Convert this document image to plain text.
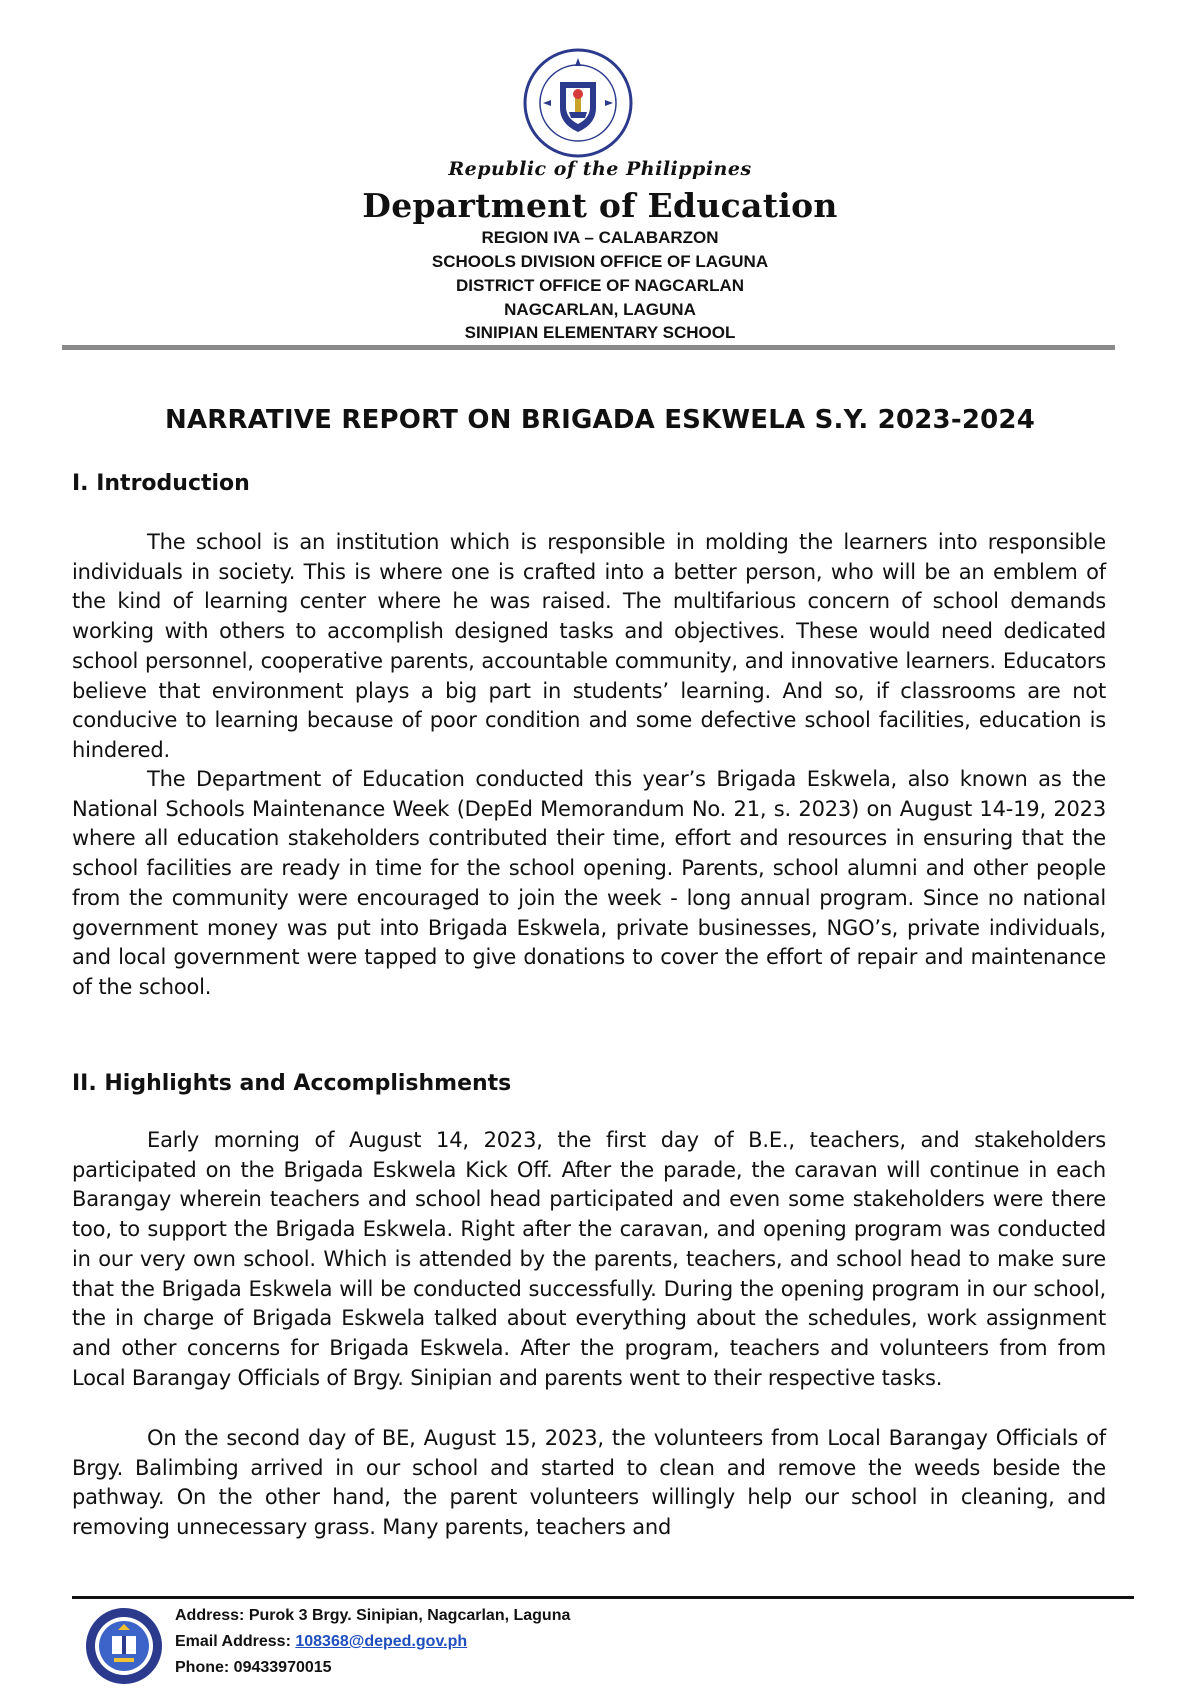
Republic of the Philippines
Department of Education
REGION IVA – CALABARZON
SCHOOLS DIVISION OFFICE OF LAGUNA
DISTRICT OFFICE OF NAGCARLAN
NAGCARLAN, LAGUNA
SINIPIAN ELEMENTARY SCHOOL
NARRATIVE REPORT ON BRIGADA ESKWELA S.Y. 2023-2024
I. Introduction

The school is an institution which is responsible in molding the learners into responsible individuals in society. This is where one is crafted into a better person, who will be an emblem of the kind of learning center where he was raised. The multifarious concern of school demands working with others to accomplish designed tasks and objectives. These would need dedicated school personnel, cooperative parents, accountable community, and innovative learners. Educators believe that environment plays a big part in students’ learning. And so, if classrooms are not conducive to learning because of poor condition and some defective school facilities, education is hindered.

The Department of Education conducted this year’s Brigada Eskwela, also known as the National Schools Maintenance Week (DepEd Memorandum No. 21, s. 2023) on August 14-19, 2023 where all education stakeholders contributed their time, effort and resources in ensuring that the school facilities are ready in time for the school opening. Parents, school alumni and other people from the community were encouraged to join the week - long annual program. Since no national government money was put into Brigada Eskwela, private businesses, NGO’s, private individuals, and local government were tapped to give donations to cover the effort of repair and maintenance of the school.

II. Highlights and Accomplishments

Early morning of August 14, 2023, the first day of B.E., teachers, and stakeholders participated on the Brigada Eskwela Kick Off. After the parade, the caravan will continue in each Barangay wherein teachers and school head participated and even some stakeholders were there too, to support the Brigada Eskwela. Right after the caravan, and opening program was conducted in our very own school. Which is attended by the parents, teachers, and school head to make sure that the Brigada Eskwela will be conducted successfully. During the opening program in our school, the in charge of Brigada Eskwela talked about everything about the schedules, work assignment and other concerns for Brigada Eskwela. After the program, teachers and volunteers from from Local Barangay Officials of Brgy. Sinipian and parents went to their respective tasks.

On the second day of BE, August 15, 2023, the volunteers from Local Barangay Officials of Brgy. Balimbing arrived in our school and started to clean and remove the weeds beside the pathway. On the other hand, the parent volunteers willingly help our school in cleaning, and removing unnecessary grass. Many parents, teachers and

Address: Purok 3 Brgy. Sinipian, Nagcarlan, Laguna
Email Address: 108368@deped.gov.ph
Phone: 09433970015
